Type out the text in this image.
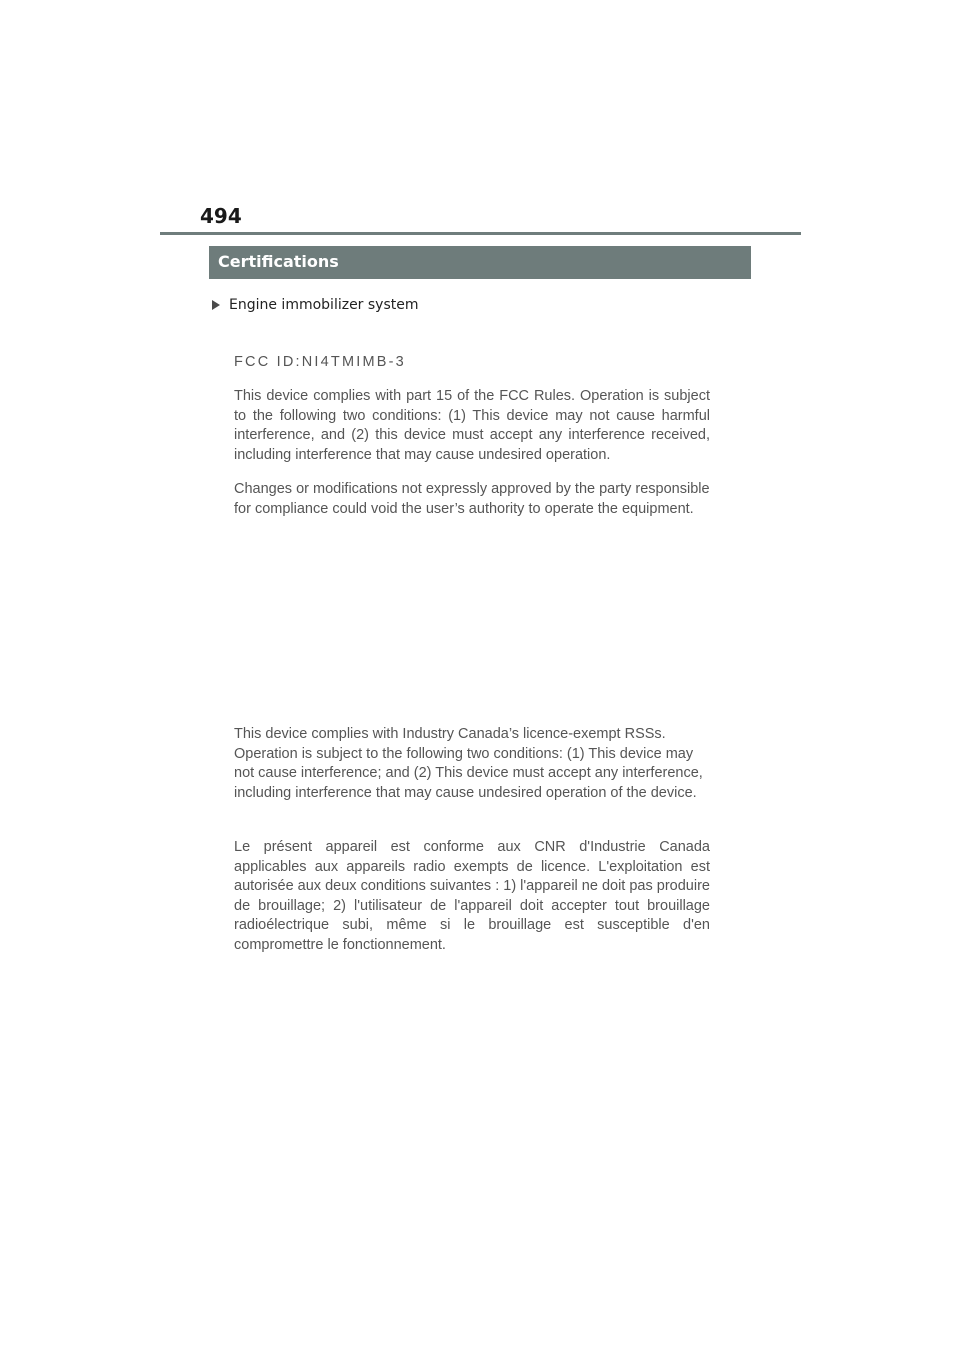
494
Certifications
Engine immobilizer system
FCC ID:NI4TMIMB-3

This device complies with part 15 of the FCC Rules. Operation is subject to the following two conditions: (1) This device may not cause harmful interference, and (2) this device must accept any interference received, including interference that may cause undesired operation.

Changes or modifications not expressly approved by the party responsible for compliance could void the user’s authority to operate the equipment.

This device complies with Industry Canada’s licence-exempt RSSs. Operation is subject to the following two conditions: (1) This device may not cause interference; and (2) This device must accept any interference, including interference that may cause undesired operation of the device.

Le présent appareil est conforme aux CNR d'Industrie Canada applicables aux appareils radio exempts de licence. L'exploitation est autorisée aux deux conditions suivantes : 1) l'appareil ne doit pas produire de brouillage; 2) l'utilisateur de l'appareil doit accepter tout brouillage radioélectrique subi, même si le brouillage est susceptible d'en compromettre le fonctionnement.
